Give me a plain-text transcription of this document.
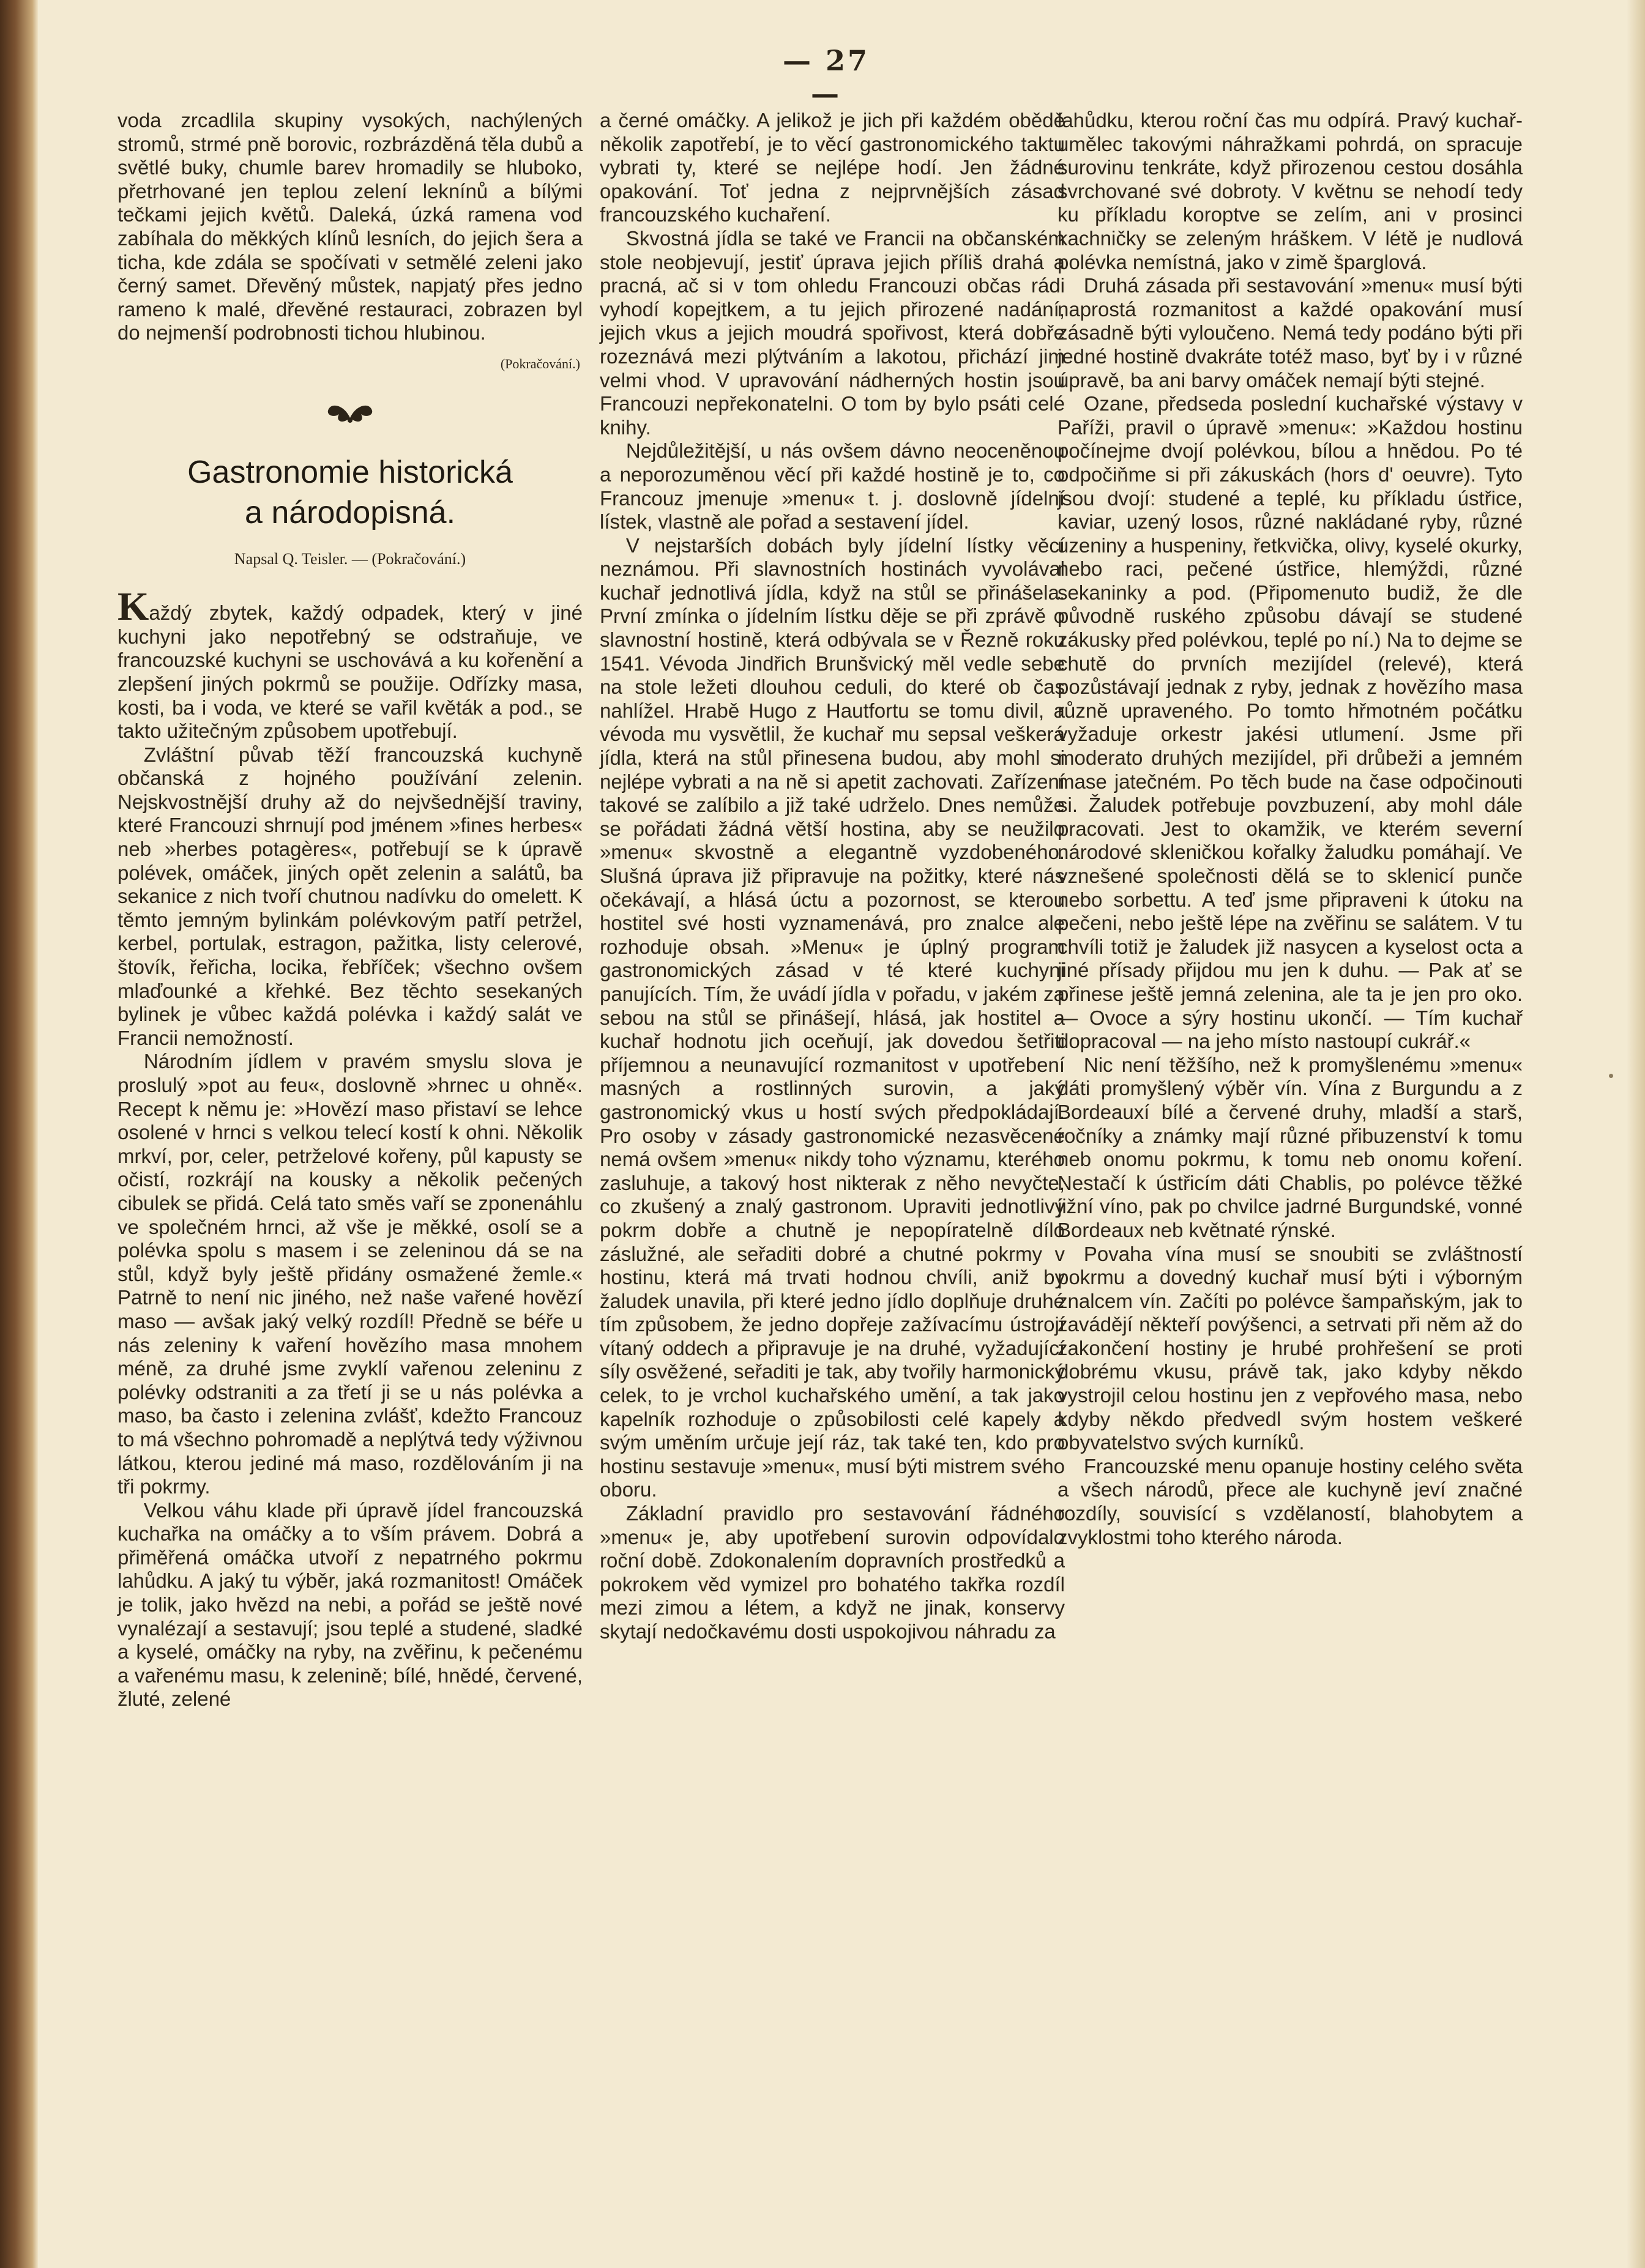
— 27 —

voda zrcadlila skupiny vysokých, nachýlených stromů, strmé pně borovic, rozbrázděná těla dubů a světlé buky, chumle barev hromadily se hluboko, přetrhované jen teplou zelení leknínů a bílými tečkami jejich květů. Daleká, úzká ramena vod zabíhala do měkkých klínů lesních, do jejich šera a ticha, kde zdála se spočívati v setmělé zeleni jako černý samet. Dřevěný můstek, napjatý přes jedno rameno k malé, dřevěné restauraci, zobrazen byl do nejmenší podrobnosti tichou hlubinou.

(Pokračování.)
Gastronomie historická
a národopisná.
Napsal Q. Teisler. — (Pokračování.)

Každý zbytek, každý odpadek, který v jiné kuchyni jako nepotřebný se odstraňuje, ve francouzské kuchyni se uschovává a ku kořenění a zlepšení jiných pokrmů se použije. Odřízky masa, kosti, ba i voda, ve které se vařil květák a pod., se takto užitečným způsobem upotřebují.

Zvláštní půvab těží francouzská kuchyně občanská z hojného používání zelenin. Nejskvostnější druhy až do nejvšednější traviny, které Francouzi shrnují pod jménem »fines herbes« neb »herbes potagères«, potřebují se k úpravě polévek, omáček, jiných opět zelenin a salátů, ba sekanice z nich tvoří chutnou nadívku do omelett. K těmto jemným bylinkám polévkovým patří petržel, kerbel, portulak, estragon, pažitka, listy celerové, štovík, řeřicha, locika, řebříček; všechno ovšem mlaďounké a křehké. Bez těchto sesekaných bylinek je vůbec každá polévka i každý salát ve Francii nemožností.

Národním jídlem v pravém smyslu slova je proslulý »pot au feu«, doslovně »hrnec u ohně«. Recept k němu je: »Hovězí maso přistaví se lehce osolené v hrnci s velkou telecí kostí k ohni. Několik mrkví, por, celer, petrželové kořeny, půl kapusty se očistí, rozkrájí na kousky a několik pečených cibulek se přidá. Celá tato směs vaří se zponenáhlu ve společném hrnci, až vše je měkké, osolí se a polévka spolu s masem i se zeleninou dá se na stůl, když byly ještě přidány osmažené žemle.« Patrně to není nic jiného, než naše vařené hovězí maso — avšak jaký velký rozdíl! Předně se béře u nás zeleniny k vaření hovězího masa mnohem méně, za druhé jsme zvyklí vařenou zeleninu z polévky odstraniti a za třetí ji se u nás polévka a maso, ba často i zelenina zvlášť, kdežto Francouz to má všechno pohromadě a neplýtvá tedy výživnou látkou, kterou jediné má maso, rozdělováním ji na tři pokrmy.

Velkou váhu klade při úpravě jídel francouzská kuchařka na omáčky a to vším právem. Dobrá a přiměřená omáčka utvoří z nepatrného pokrmu lahůdku. A jaký tu výběr, jaká rozmanitost! Omáček je tolik, jako hvězd na nebi, a pořád se ještě nové vynalézají a sestavují; jsou teplé a studené, sladké a kyselé, omáčky na ryby, na zvěřinu, k pečenému a vařenému masu, k zelenině; bílé, hnědé, červené, žluté, zelené

a černé omáčky. A jelikož je jich při každém obědě několik zapotřebí, je to věcí gastronomického taktu vybrati ty, které se nejlépe hodí. Jen žádné opakování. Toť jedna z nejprvnějších zásad francouzského kuchaření.

Skvostná jídla se také ve Francii na občanském stole neobjevují, jestiť úprava jejich příliš drahá a pracná, ač si v tom ohledu Francouzi občas rádi vyhodí kopejtkem, a tu jejich přirozené nadání, jejich vkus a jejich moudrá spořivost, která dobře rozeznává mezi plýtváním a lakotou, přichází jim velmi vhod. V upravování nádherných hostin jsou Francouzi nepřekonatelni. O tom by bylo psáti celé knihy.

Nejdůležitější, u nás ovšem dávno neoceněnou a neporozuměnou věcí při každé hostině je to, co Francouz jmenuje »menu« t. j. doslovně jídelní lístek, vlastně ale pořad a sestavení jídel.

V nejstarších dobách byly jídelní lístky věcí neznámou. Při slavnostních hostinách vyvolával kuchař jednotlivá jídla, když na stůl se přinášela. První zmínka o jídelním lístku děje se při zprávě o slavnostní hostině, která odbývala se v Řezně roku 1541. Vévoda Jindřich Brunšvický měl vedle sebe na stole ležeti dlouhou ceduli, do které ob čas nahlížel. Hrabě Hugo z Hautfortu se tomu divil, a vévoda mu vysvětlil, že kuchař mu sepsal veškerá jídla, která na stůl přinesena budou, aby mohl si nejlépe vybrati a na ně si apetit zachovati. Zařízení takové se zalíbilo a již také udrželo. Dnes nemůže se pořádati žádná větší hostina, aby se neužilo »menu« skvostně a elegantně vyzdobeného. Slušná úprava již připravuje na požitky, které nás očekávají, a hlásá úctu a pozornost, se kterou hostitel své hosti vyznamenává, pro znalce ale rozhoduje obsah. »Menu« je úplný program gastronomických zásad v té které kuchyni panujících. Tím, že uvádí jídla v pořadu, v jakém za sebou na stůl se přinášejí, hlásá, jak hostitel a kuchař hodnotu jich oceňují, jak dovedou šetřiti příjemnou a neunavující rozmanitost v upotřebení masných a rostlinných surovin, a jaký gastronomický vkus u hostí svých předpokládají. Pro osoby v zásady gastronomické nezasvěcené nemá ovšem »menu« nikdy toho významu, kterého zasluhuje, a takový host nikterak z něho nevyčte, co zkušený a znalý gastronom. Upraviti jednotlivý pokrm dobře a chutně je nepopíratelně dílo záslužné, ale seřaditi dobré a chutné pokrmy v hostinu, která má trvati hodnou chvíli, aniž by žaludek unavila, při které jedno jídlo doplňuje druhé tím způsobem, že jedno dopřeje zažívacímu ústrojí vítaný oddech a připravuje je na druhé, vyžadující síly osvěžené, seřaditi je tak, aby tvořily harmonický celek, to je vrchol kuchařského umění, a tak jako kapelník rozhoduje o způsobilosti celé kapely a svým uměním určuje její ráz, tak také ten, kdo pro hostinu sestavuje »menu«, musí býti mistrem svého oboru.

Základní pravidlo pro sestavování řádného »menu« je, aby upotřebení surovin odpovídalo roční době. Zdokonalením dopravních prostředků a pokrokem věd vymizel pro bohatého takřka rozdíl mezi zimou a létem, a když ne jinak, konservy skytají nedočkavému dosti uspokojivou náhradu za

lahůdku, kterou roční čas mu odpírá. Pravý kuchař-umělec takovými náhražkami pohrdá, on spracuje surovinu tenkráte, když přirozenou cestou dosáhla svrchované své dobroty. V květnu se nehodí tedy ku příkladu koroptve se zelím, ani v prosinci kachničky se zeleným hráškem. V létě je nudlová polévka nemístná, jako v zimě šparglová.

Druhá zásada při sestavování »menu« musí býti naprostá rozmanitost a každé opakování musí zásadně býti vyloučeno. Nemá tedy podáno býti při jedné hostině dvakráte totéž maso, byť by i v různé úpravě, ba ani barvy omáček nemají býti stejné.

Ozane, předseda poslední kuchařské výstavy v Paříži, pravil o úpravě »menu«: »Každou hostinu počínejme dvojí polévkou, bílou a hnědou. Po té odpočiňme si při zákuskách (hors d' oeuvre). Tyto jsou dvojí: studené a teplé, ku příkladu ústřice, kaviar, uzený losos, různé nakládané ryby, různé uzeniny a huspeniny, řetkvička, olivy, kyselé okurky, nebo raci, pečené ústřice, hlemýždi, různé sekaninky a pod. (Připomenuto budiž, že dle původně ruského způsobu dávají se studené zákusky před polévkou, teplé po ní.) Na to dejme se chutě do prvních mezijídel (relevé), která pozůstávají jednak z ryby, jednak z hovězího masa různě upraveného. Po tomto hřmotném počátku vyžaduje orkestr jakési utlumení. Jsme při moderato druhých mezijídel, při drůbeži a jemném mase jatečném. Po těch bude na čase odpočinouti si. Žaludek potřebuje povzbuzení, aby mohl dále pracovati. Jest to okamžik, ve kterém severní národové skleničkou kořalky žaludku pomáhají. Ve vznešené společnosti dělá se to sklenicí punče nebo sorbettu. A teď jsme připraveni k útoku na pečeni, nebo ještě lépe na zvěřinu se salátem. V tu chvíli totiž je žaludek již nasycen a kyselost octa a jiné přísady přijdou mu jen k duhu. — Pak ať se přinese ještě jemná zelenina, ale ta je jen pro oko. — Ovoce a sýry hostinu ukončí. — Tím kuchař dopracoval — na jeho místo nastoupí cukrář.«

Nic není těžšího, než k promyšlenému »menu« dáti promyšlený výběr vín. Vína z Burgundu a z Bordeauxí bílé a červené druhy, mladší a starš, ročníky a známky mají různé přibuzenství k tomu neb onomu pokrmu, k tomu neb onomu koření. Nestačí k ústřicím dáti Chablis, po polévce těžké jižní víno, pak po chvilce jadrné Burgundské, vonné Bordeaux neb květnaté rýnské.

Povaha vína musí se snoubiti se zvláštností pokrmu a dovedný kuchař musí býti i výborným znalcem vín. Začíti po polévce šampaňským, jak to zavádějí někteří povýšenci, a setrvati při něm až do zakončení hostiny je hrubé prohřešení se proti dobrému vkusu, právě tak, jako kdyby někdo vystrojil celou hostinu jen z vepřového masa, nebo kdyby někdo předvedl svým hostem veškeré obyvatelstvo svých kurníků.

Francouzské menu opanuje hostiny celého světa a všech národů, přece ale kuchyně jeví značné rozdíly, souvisící s vzdělaností, blahobytem a zvyklostmi toho kterého národa.
